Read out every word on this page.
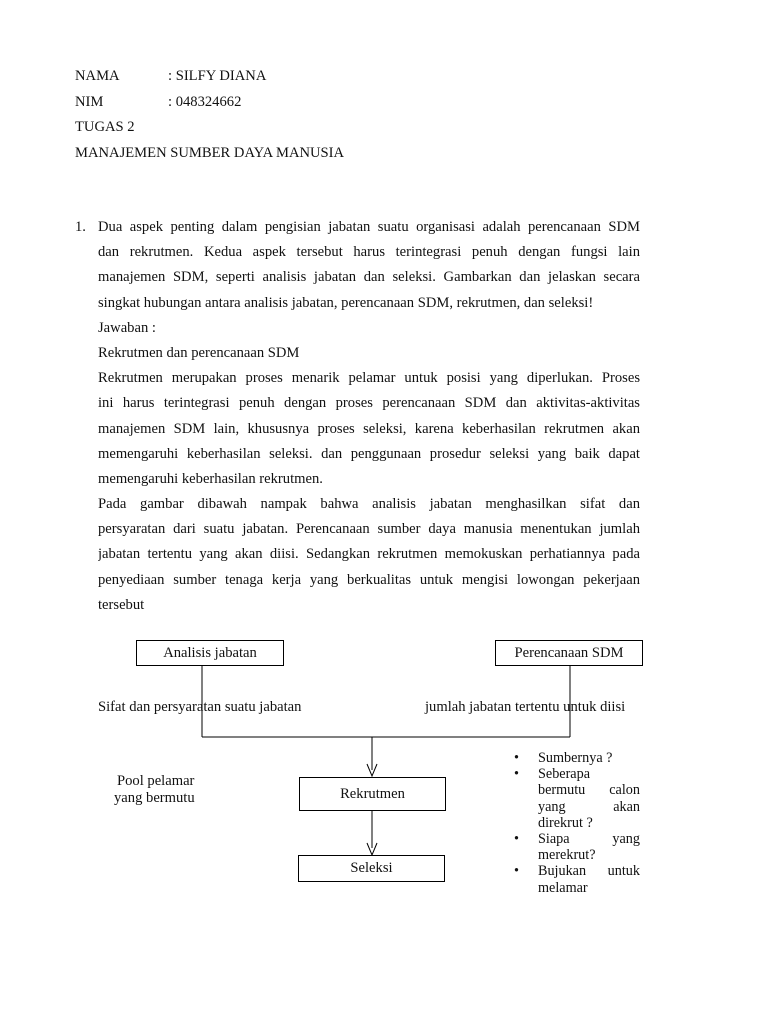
NAMA	: SILFY DIANA
NIM	: 048324662
TUGAS 2
MANAJEMEN SUMBER DAYA MANUSIA
1. Dua aspek penting dalam pengisian jabatan suatu organisasi adalah perencanaan SDM
dan rekrutmen. Kedua aspek tersebut harus terintegrasi penuh dengan fungsi lain
manajemen SDM, seperti analisis jabatan dan seleksi. Gambarkan dan jelaskan secara
singkat hubungan antara analisis jabatan, perencanaan SDM, rekrutmen, dan seleksi!
Jawaban :
Rekrutmen dan perencanaan SDM
Rekrutmen merupakan proses menarik pelamar untuk posisi yang diperlukan. Proses
ini harus terintegrasi penuh dengan proses perencanaan SDM dan aktivitas-aktivitas
manajemen SDM lain, khususnya proses seleksi, karena keberhasilan rekrutmen akan
memengaruhi keberhasilan seleksi. dan penggunaan prosedur seleksi yang baik dapat
memengaruhi keberhasilan rekrutmen.
Pada gambar dibawah nampak bahwa analisis jabatan menghasilkan sifat dan
persyaratan dari suatu jabatan. Perencanaan sumber daya manusia menentukan jumlah
jabatan tertentu yang akan diisi. Sedangkan rekrutmen memokuskan perhatiannya pada
penyediaan sumber tenaga kerja yang berkualitas untuk mengisi lowongan pekerjaan
tersebut
Analisis jabatan	Perencanaan SDM
Sifat dan persyaratan suatu jabatan	jumlah jabatan tertentu untuk diisi
Pool pelamar
yang bermutu	Rekrutmen
Seleksi
• Sumbernya ?
• Seberapa
bermutu calon
yang akan
direkrut ?
• Siapa yang
merekrut?
• Bujukan untuk
melamar
